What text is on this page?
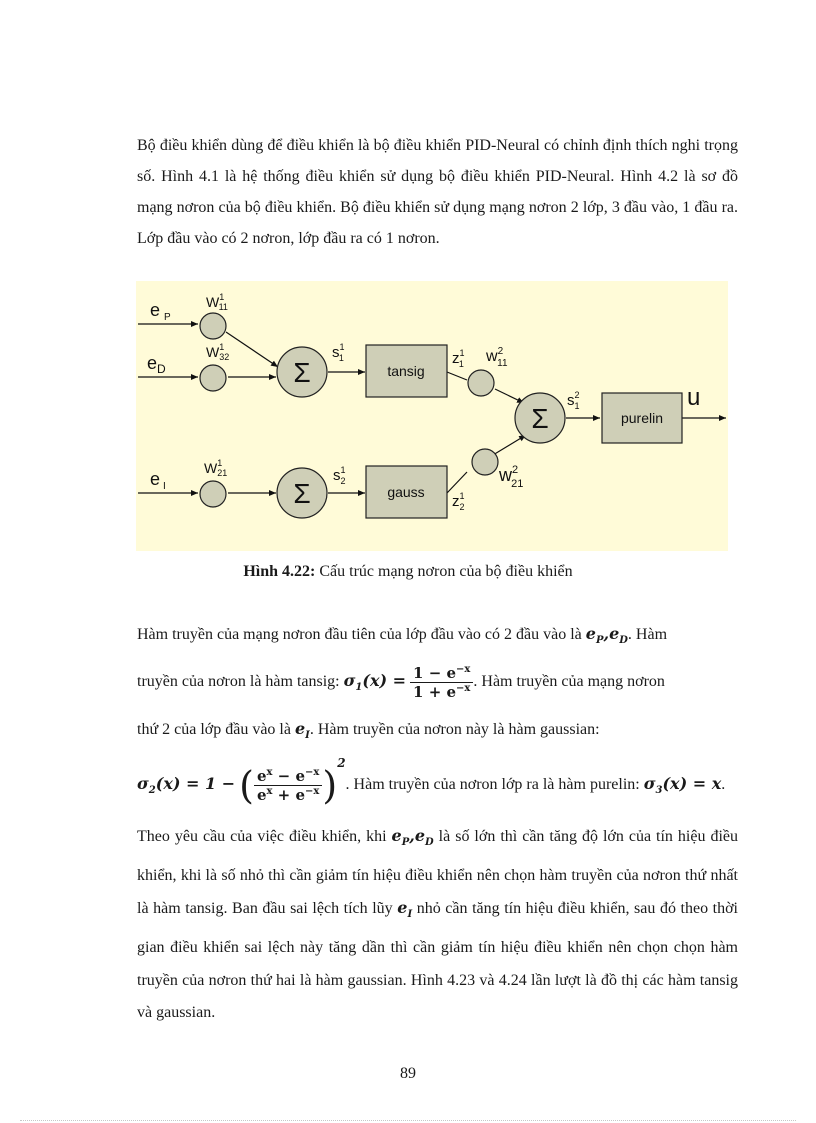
Bộ điều khiển dùng để điều khiển là bộ điều khiển PID-Neural có chỉnh định thích nghi trọng số. Hình 4.1 là hệ thống điều khiển sử dụng bộ điều khiển PID-Neural. Hình 4.2 là sơ đồ mạng nơron của bộ điều khiển. Bộ điều khiển sử dụng mạng nơron 2 lớp, 3 đầu vào, 1 đầu ra. Lớp đầu vào có 2 nơron, lớp đầu ra có 1 nơron.

tansig
gauss
purelin
Σ
Σ
Σ
e $_P$
$e_D$
e $_I$
$W^1$ 11
$W^1$ 32
$W^1$ 21
$s^1$ 1
$s^1$ 2
$s^2$ 1
$z^1$ 1
$z^1$ 2
$w^2$ 11
$w^2$ 21
u
Hình 4.22: Cấu trúc mạng nơron của bộ điều khiển
Hàm truyền của mạng nơron đầu tiên của lớp đầu vào có 2 đầu vào là $e_P,e_D$. Hàm
truyền của nơron là hàm tansig: $\sigma_1(x) = \frac{1 - e^{-x}}{1 + e^{-x}}$ . Hàm truyền của mạng nơron
thứ 2 của lớp đầu vào là $e_I$. Hàm truyền của nơron này là hàm gaussian:
$\sigma_2(x) = 1$ − ( $\frac{e^x - e^{-x}}{e^x + e^{-x}} )^2$. Hàm truyền của nơron lớp ra là hàm purelin: $\sigma_3(x) = x$.

Theo yêu cầu của việc điều khiển, khi $e_P,e_D$ là số lớn thì cần tăng độ lớn của tín hiệu điều khiển, khi là số nhỏ thì cần giảm tín hiệu điều khiển nên chọn hàm truyền của nơron thứ nhất là hàm tansig. Ban đầu sai lệch tích lũy $e_I$ nhỏ cần tăng tín hiệu điều khiển, sau đó theo thời gian điều khiển sai lệch này tăng dần thì cần giảm tín hiệu điều khiển nên chọn chọn hàm truyền của nơron thứ hai là hàm gaussian. Hình 4.23 và 4.24 lần lượt là đồ thị các hàm tansig và gaussian.

89
